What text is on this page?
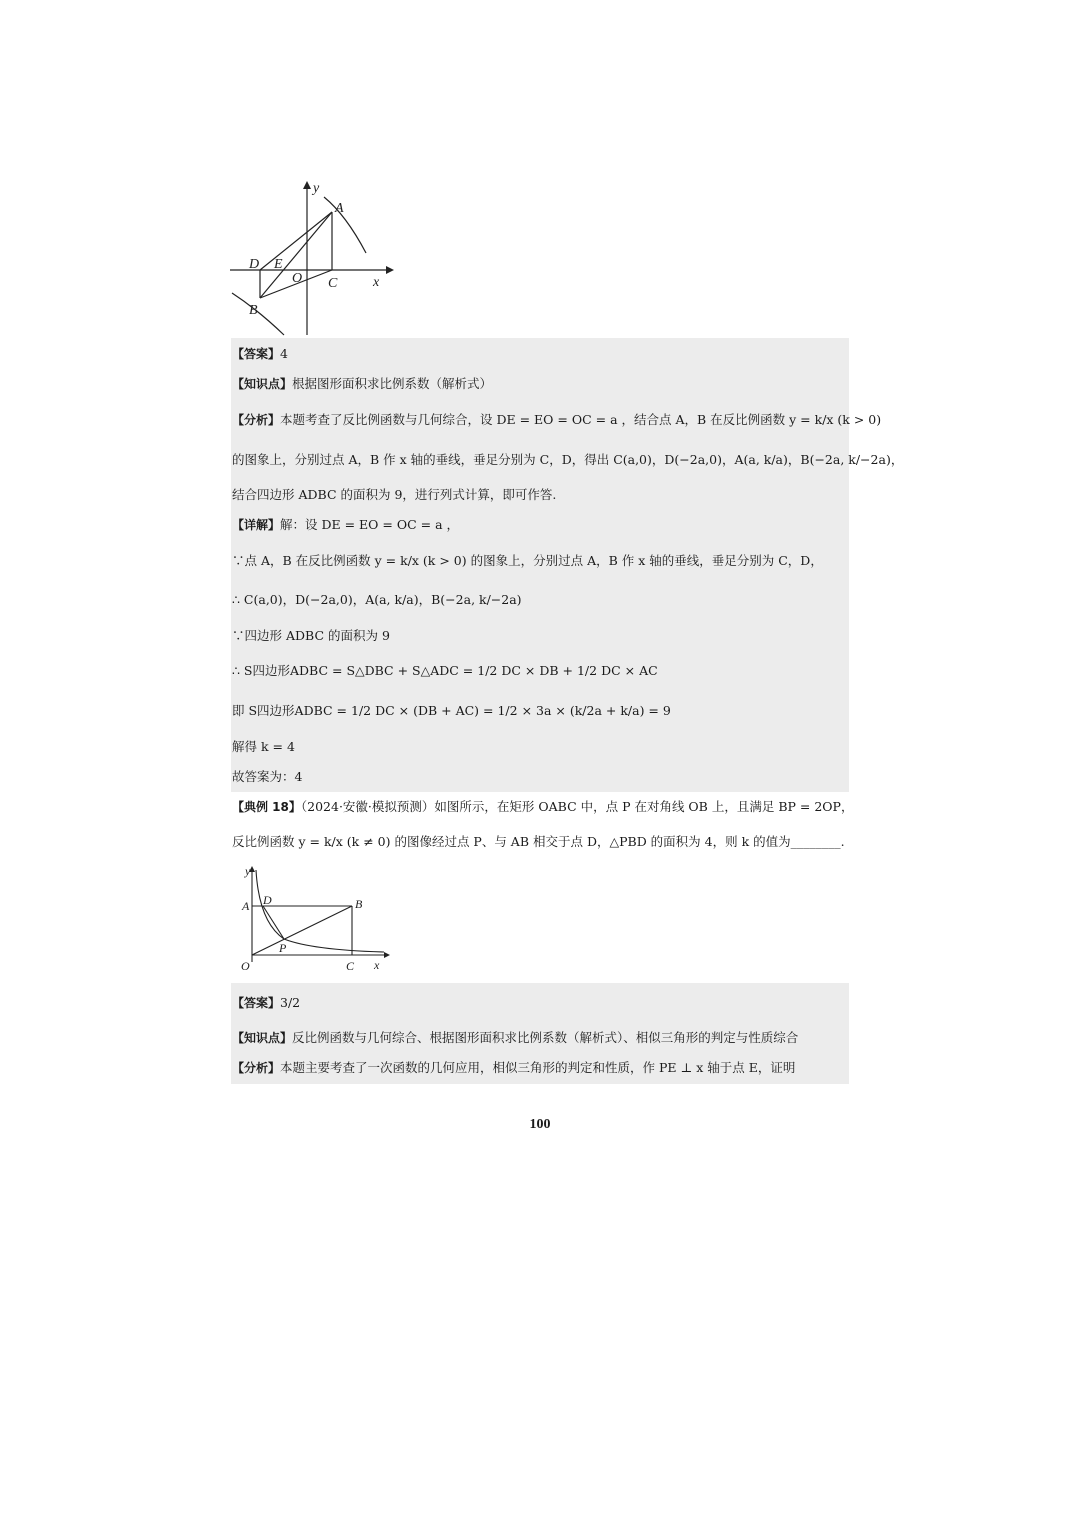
y
x
A
D E
O C
B
【答案】4
【知识点】根据图形面积求比例系数（解析式）
【分析】本题考查了反比例函数与几何综合，设 DE = EO = OC = a ，结合点 A，B 在反比例函数 y = k/x (k > 0)
的图象上，分别过点 A，B 作 x 轴的垂线，垂足分别为 C，D，得出 C(a,0)，D(−2a,0)，A(a, k/a)，B(−2a, k/−2a)，
结合四边形 ADBC 的面积为 9，进行列式计算，即可作答.
【详解】解：设 DE = EO = OC = a ，
∵点 A，B 在反比例函数 y = k/x (k > 0) 的图象上，分别过点 A，B 作 x 轴的垂线，垂足分别为 C，D，
∴ C(a,0)，D(−2a,0)，A(a, k/a)，B(−2a, k/−2a)
∵四边形 ADBC 的面积为 9
∴ S四边形ADBC = S△DBC + S△ADC = 1/2 DC × DB + 1/2 DC × AC
即 S四边形ADBC = 1/2 DC × (DB + AC) = 1/2 × 3a × (k/2a + k/a) = 9
解得 k = 4
故答案为：4
【典例 18】（2024·安徽·模拟预测）如图所示，在矩形 OABC 中，点 P 在对角线 OB 上，且满足 BP = 2OP，
反比例函数 y = k/x (k ≠ 0) 的图像经过点 P、与 AB 相交于点 D，△PBD 的面积为 4，则 k 的值为________.
y
x
A	B
D
P
O	C
【答案】3/2
【知识点】反比例函数与几何综合、根据图形面积求比例系数（解析式）、相似三角形的判定与性质综合
【分析】本题主要考查了一次函数的几何应用，相似三角形的判定和性质，作 PE ⊥ x 轴于点 E，证明
100
